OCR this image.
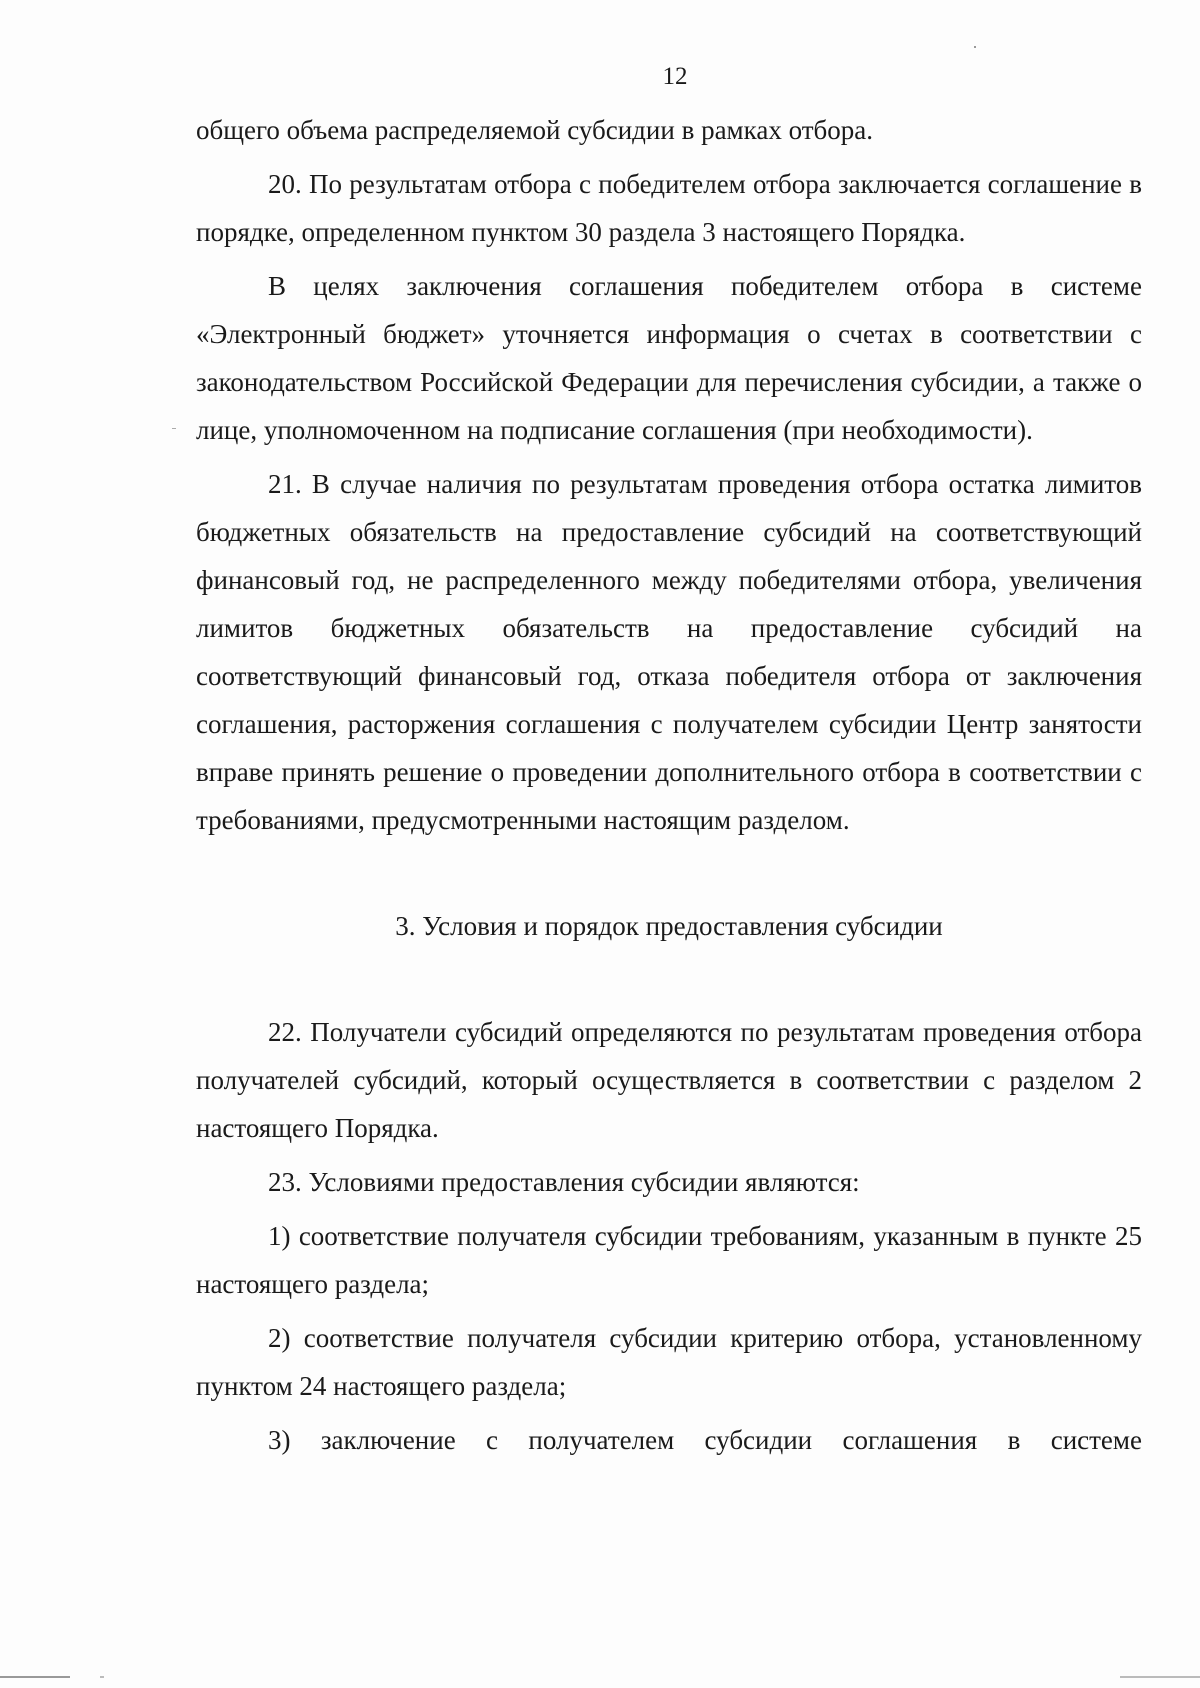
12

общего объема распределяемой субсидии в рамках отбора.

20. По результатам отбора с победителем отбора заключается соглашение в порядке, определенном пунктом 30 раздела 3 настоящего Порядка.

В целях заключения соглашения победителем отбора в системе «Электронный бюджет» уточняется информация о счетах в соответствии с законодательством Российской Федерации для перечисления субсидии, а также о лице, уполномоченном на подписание соглашения (при необходимости).

21. В случае наличия по результатам проведения отбора остатка лимитов бюджетных обязательств на предоставление субсидий на соответствующий финансовый год, не распределенного между победителями отбора, увеличения лимитов бюджетных обязательств на предоставление субсидий на соответствующий финансовый год, отказа победителя отбора от заключения соглашения, расторжения соглашения с получателем субсидии Центр занятости вправе принять решение о проведении дополнительного отбора в соответствии с требованиями, предусмотренными настоящим разделом.

3. Условия и порядок предоставления субсидии

22. Получатели субсидий определяются по результатам проведения отбора получателей субсидий, который осуществляется в соответствии с разделом 2 настоящего Порядка.

23. Условиями предоставления субсидии являются:

1) соответствие получателя субсидии требованиям, указанным в пункте 25 настоящего раздела;

2) соответствие получателя субсидии критерию отбора, установленному пунктом 24 настоящего раздела;

3) заключение с получателем субсидии соглашения в системе
